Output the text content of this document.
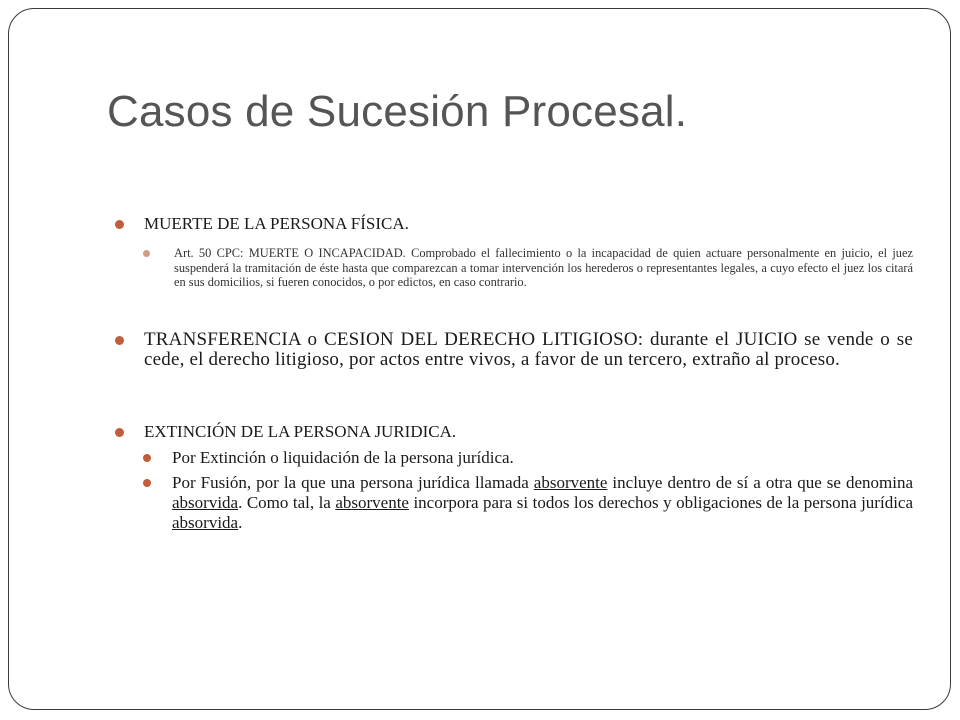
Casos de Sucesión Procesal.
MUERTE DE LA PERSONA FÍSICA.
Art. 50 CPC: MUERTE O INCAPACIDAD. Comprobado el fallecimiento o la incapacidad de quien actuare personalmente en juicio, el juez suspenderá la tramitación de éste hasta que comparezcan a tomar intervención los herederos o representantes legales, a cuyo efecto el juez los citará en sus domicilios, si fueren conocidos, o por edictos, en caso contrario.
TRANSFERENCIA o CESION DEL DERECHO LITIGIOSO: durante el JUICIO se vende o se cede, el derecho litigioso, por actos entre vivos, a favor de un tercero, extraño al proceso.
EXTINCIÓN DE LA PERSONA JURIDICA.
Por Extinción o liquidación de la persona jurídica.
Por Fusión, por la que una persona jurídica llamada absorvente incluye dentro de sí a otra que se denomina absorvida. Como tal, la absorvente incorpora para si todos los derechos y obligaciones de la persona jurídica absorvida.
